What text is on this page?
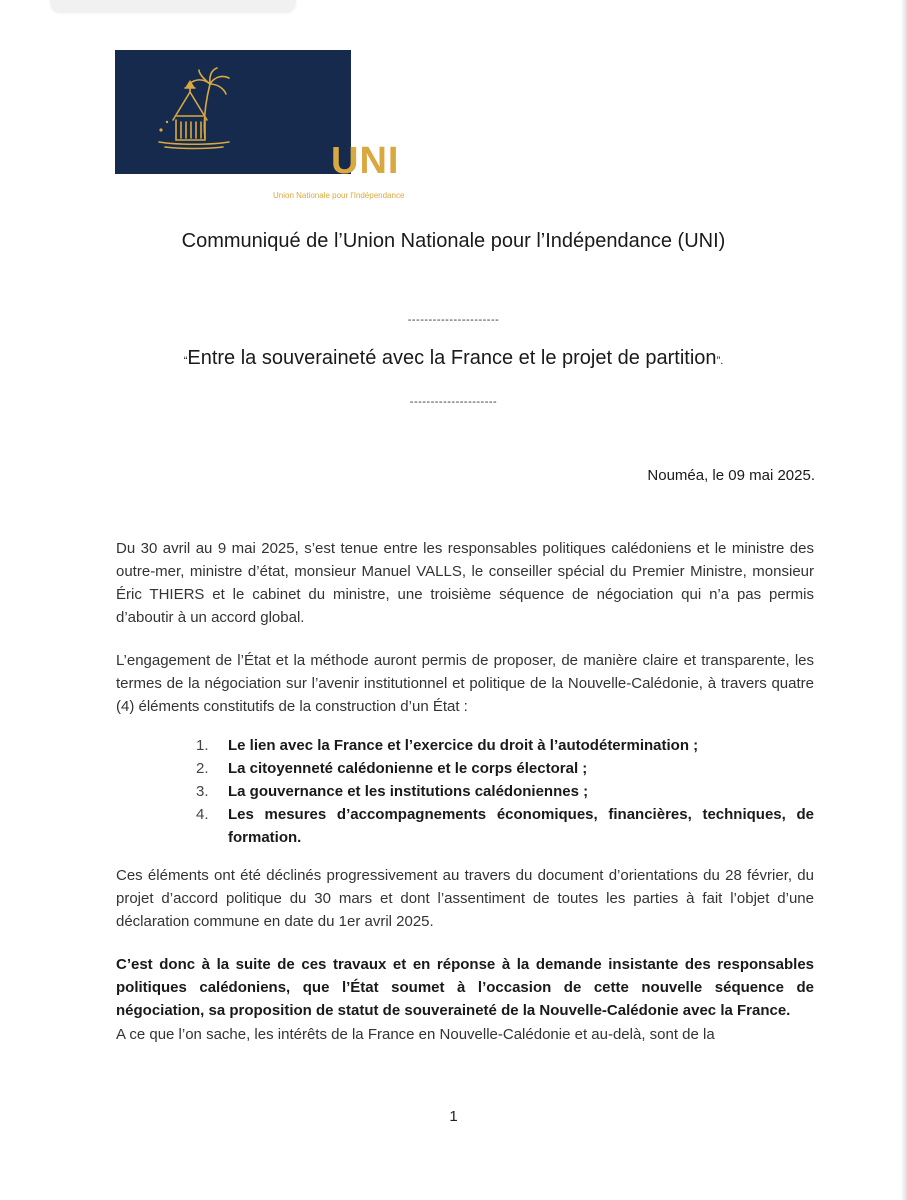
UNI
Union Nationale pour l'Indépendance
Communiqué de l’Union Nationale pour l’Indépendance (UNI)
----------------------
“Entre la souveraineté avec la France et le projet de partition”.
---------------------
Nouméa, le 09 mai 2025.
Du 30 avril au 9 mai 2025, s’est tenue entre les responsables politiques calédoniens et le ministre des outre-mer, ministre d’état, monsieur Manuel VALLS, le conseiller spécial du Premier Ministre, monsieur Éric THIERS et le cabinet du ministre, une troisième séquence de négociation qui n’a pas permis d’aboutir à un accord global.
L’engagement de l’État et la méthode auront permis de proposer, de manière claire et transparente, les termes de la négociation sur l’avenir institutionnel et politique de la Nouvelle-Calédonie, à travers quatre (4) éléments constitutifs de la construction d’un État :
1. Le lien avec la France et l’exercice du droit à l’autodétermination ;
2. La citoyenneté calédonienne et le corps électoral ;
3. La gouvernance et les institutions calédoniennes ;
4. Les mesures d’accompagnements économiques, financières, techniques, de formation.
Ces éléments ont été déclinés progressivement au travers du document d’orientations du 28 février, du projet d’accord politique du 30 mars et dont l’assentiment de toutes les parties à fait l’objet d’une déclaration commune en date du 1er avril 2025.
C’est donc à la suite de ces travaux et en réponse à la demande insistante des responsables politiques calédoniens, que l’État soumet à l’occasion de cette nouvelle séquence de négociation, sa proposition de statut de souveraineté de la Nouvelle-Calédonie avec la France.
A ce que l’on sache, les intérêts de la France en Nouvelle-Calédonie et au-delà, sont de la
1
